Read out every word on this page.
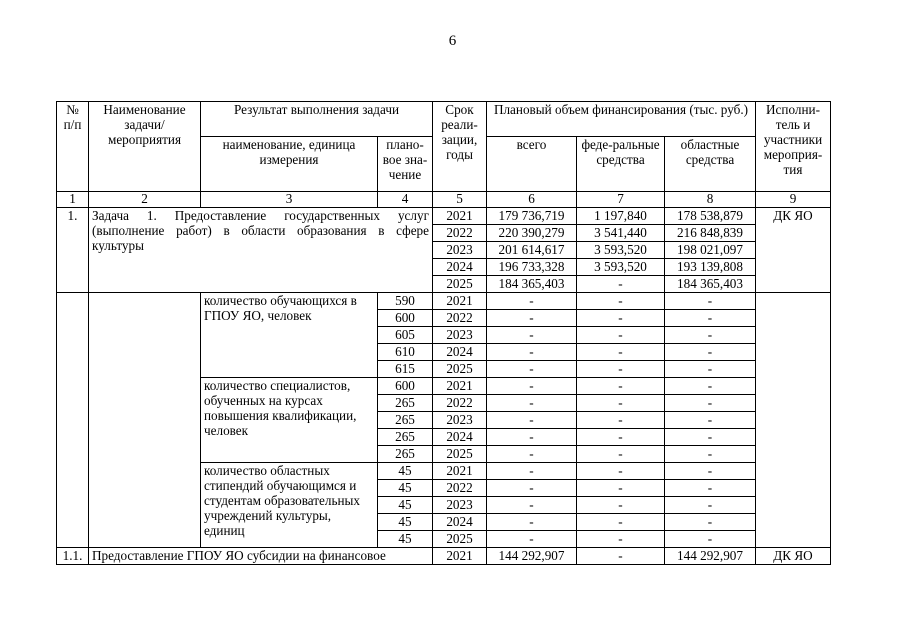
6
№ п/п	Наименование задачи/ мероприятия	Результат выполнения задачи		Срок реали-зации, годы	Плановый объем финансирования (тыс. руб.)			Исполни-тель и участники мероприя-тия
		наименование, единица измерения	плано-вое зна-чение		всего	феде-ральные средства	областные средства	
1	2	3	4	5	6	7	8	9
1.	Задача 1. Предоставление государственных услуг (выполнение работ) в области образования в сфере культуры			2021	179 736,719	1 197,840	178 538,879	ДК ЯО
				2022	220 390,279	3 541,440	216 848,839	
				2023	201 614,617	3 593,520	198 021,097	
				2024	196 733,328	3 593,520	193 139,808	
				2025	184 365,403	-	184 365,403	
		количество обучающихся в ГПОУ ЯО, человек	590	2021	-	-	-	
			600	2022	-	-	-	
			605	2023	-	-	-	
			610	2024	-	-	-	
			615	2025	-	-	-	
		количество специалистов, обученных на курсах повышения квалификации, человек	600	2021	-	-	-	
			265	2022	-	-	-	
			265	2023	-	-	-	
			265	2024	-	-	-	
			265	2025	-	-	-	
		количество областных стипендий обучающимся и студентам образовательных учреждений культуры, единиц	45	2021	-	-	-	
			45	2022	-	-	-	
			45	2023	-	-	-	
			45	2024	-	-	-	
			45	2025	-	-	-	
1.1.	Предоставление ГПОУ ЯО субсидии на финансовое			2021	144 292,907	-	144 292,907	ДК ЯО
